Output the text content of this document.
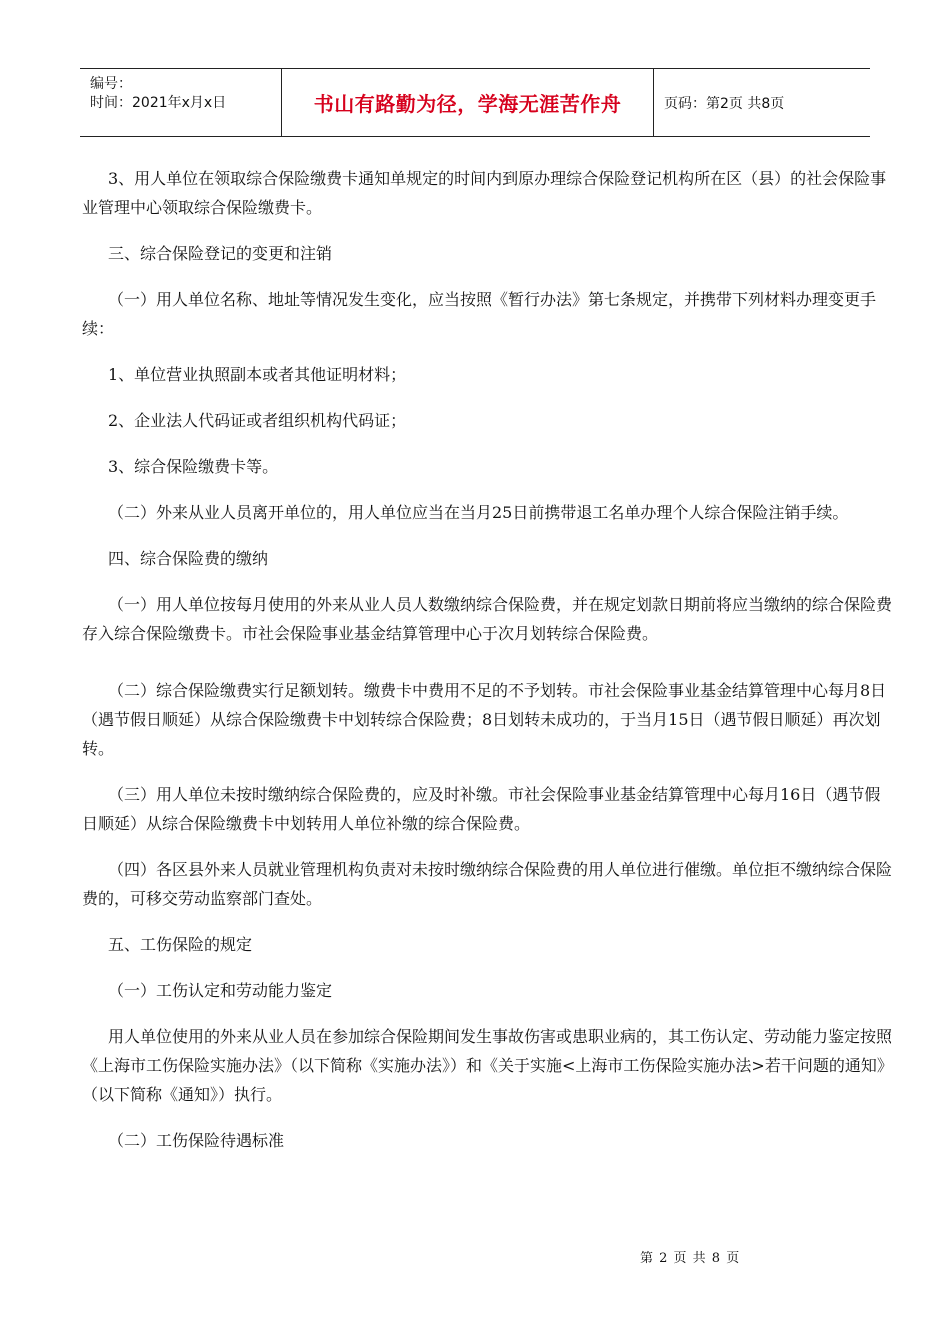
编号：
时间：2021年x月x日	书山有路勤为径，学海无涯苦作舟	页码：第2页 共8页

3、用人单位在领取综合保险缴费卡通知单规定的时间内到原办理综合保险登记机构所在区（县）的社会保险事业管理中心领取综合保险缴费卡。

三、综合保险登记的变更和注销

（一）用人单位名称、地址等情况发生变化，应当按照《暂行办法》第七条规定，并携带下列材料办理变更手续：

1、单位营业执照副本或者其他证明材料；

2、企业法人代码证或者组织机构代码证；

3、综合保险缴费卡等。

（二）外来从业人员离开单位的，用人单位应当在当月25日前携带退工名单办理个人综合保险注销手续。

四、综合保险费的缴纳

（一）用人单位按每月使用的外来从业人员人数缴纳综合保险费，并在规定划款日期前将应当缴纳的综合保险费存入综合保险缴费卡。市社会保险事业基金结算管理中心于次月划转综合保险费。

（二）综合保险缴费实行足额划转。缴费卡中费用不足的不予划转。市社会保险事业基金结算管理中心每月8日（遇节假日顺延）从综合保险缴费卡中划转综合保险费；8日划转未成功的，于当月15日（遇节假日顺延）再次划转。

（三）用人单位未按时缴纳综合保险费的，应及时补缴。市社会保险事业基金结算管理中心每月16日（遇节假日顺延）从综合保险缴费卡中划转用人单位补缴的综合保险费。

（四）各区县外来人员就业管理机构负责对未按时缴纳综合保险费的用人单位进行催缴。单位拒不缴纳综合保险费的，可移交劳动监察部门查处。

五、工伤保险的规定

（一）工伤认定和劳动能力鉴定

用人单位使用的外来从业人员在参加综合保险期间发生事故伤害或患职业病的，其工伤认定、劳动能力鉴定按照《上海市工伤保险实施办法》（以下简称《实施办法》）和《关于实施<上海市工伤保险实施办法>若干问题的通知》（以下简称《通知》）执行。

（二）工伤保险待遇标准

第 2 页 共 8 页
